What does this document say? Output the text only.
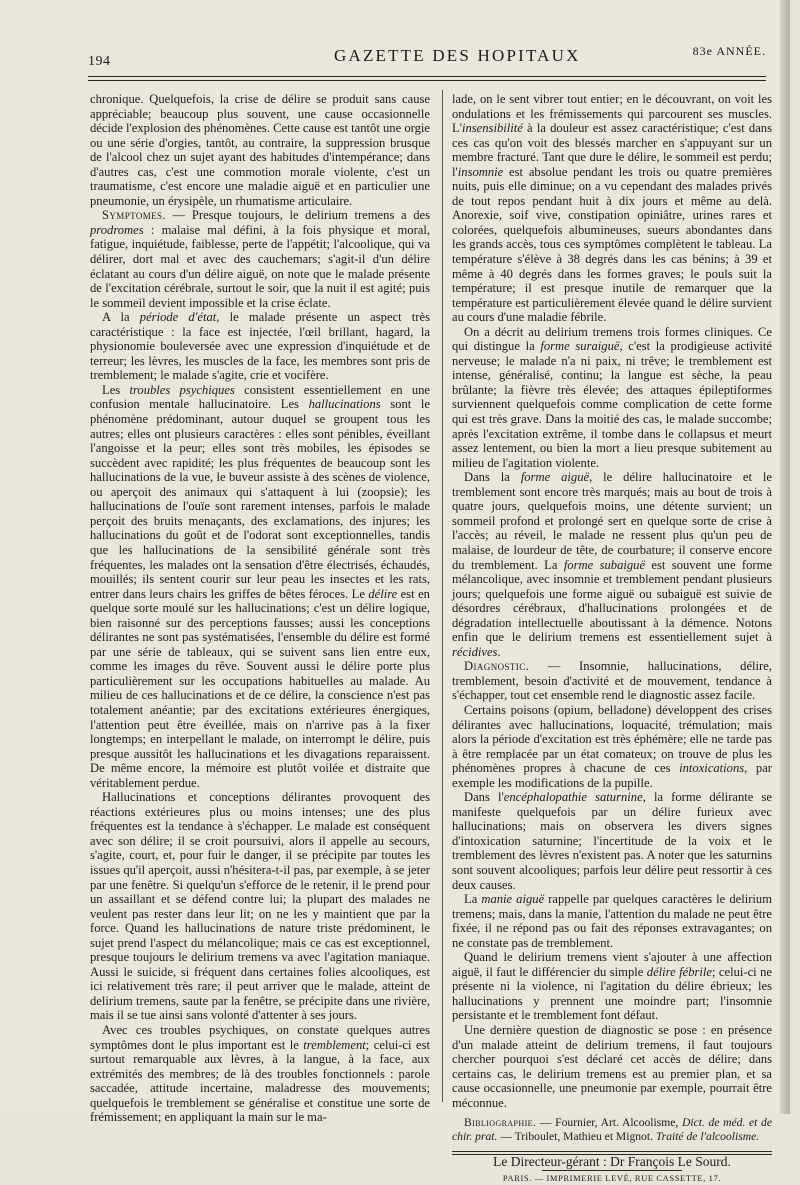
194	GAZETTE DES HOPITAUX	83e ANNÉE.

chronique. Quelquefois, la crise de délire se produit sans cause appréciable; beaucoup plus souvent, une cause occasionnelle décide l'explosion des phénomènes. Cette cause est tantôt une orgie ou une série d'orgies, tantôt, au contraire, la suppression brusque de l'alcool chez un sujet ayant des habitudes d'intempérance; dans d'autres cas, c'est une commotion morale violente, c'est un traumatisme, c'est encore une maladie aiguë et en particulier une pneumonie, un érysipèle, un rhumatisme articulaire.

Symptomes. — Presque toujours, le delirium tremens a des prodromes : malaise mal défini, à la fois physique et moral, fatigue, inquiétude, faiblesse, perte de l'appétit; l'alcoolique, qui va délirer, dort mal et avec des cauchemars; s'agit-il d'un délire éclatant au cours d'un délire aiguë, on note que le malade présente de l'excitation cérébrale, surtout le soir, que la nuit il est agité; puis le sommeil devient impossible et la crise éclate.

A la période d'état, le malade présente un aspect très caractéristique : la face est injectée, l'œil brillant, hagard, la physionomie bouleversée avec une expression d'inquiétude et de terreur; les lèvres, les muscles de la face, les membres sont pris de tremblement; le malade s'agite, crie et vocifère.

Les troubles psychiques consistent essentiellement en une confusion mentale hallucinatoire. Les hallucinations sont le phénomène prédominant, autour duquel se groupent tous les autres; elles ont plusieurs caractères : elles sont pénibles, éveillant l'angoisse et la peur; elles sont très mobiles, les épisodes se succèdent avec rapidité; les plus fréquentes de beaucoup sont les hallucinations de la vue, le buveur assiste à des scènes de violence, ou aperçoit des animaux qui s'attaquent à lui (zoopsie); les hallucinations de l'ouïe sont rarement intenses, parfois le malade perçoit des bruits menaçants, des exclamations, des injures; les hallucinations du goût et de l'odorat sont exceptionnelles, tandis que les hallucinations de la sensibilité générale sont très fréquentes, les malades ont la sensation d'être électrisés, échaudés, mouillés; ils sentent courir sur leur peau les insectes et les rats, entrer dans leurs chairs les griffes de bêtes féroces. Le délire est en quelque sorte moulé sur les hallucinations; c'est un délire logique, bien raisonné sur des perceptions fausses; aussi les conceptions délirantes ne sont pas systématisées, l'ensemble du délire est formé par une série de tableaux, qui se suivent sans lien entre eux, comme les images du rêve. Souvent aussi le délire porte plus particulièrement sur les occupations habituelles au malade. Au milieu de ces hallucinations et de ce délire, la conscience n'est pas totalement anéantie; par des excitations extérieures énergiques, l'attention peut être éveillée, mais on n'arrive pas à la fixer longtemps; en interpellant le malade, on interrompt le délire, puis presque aussitôt les hallucinations et les divagations reparaissent. De même encore, la mémoire est plutôt voilée et distraite que véritablement perdue.

Hallucinations et conceptions délirantes provoquent des réactions extérieures plus ou moins intenses; une des plus fréquentes est la tendance à s'échapper. Le malade est conséquent avec son délire; il se croit poursuivi, alors il appelle au secours, s'agite, court, et, pour fuir le danger, il se précipite par toutes les issues qu'il aperçoit, aussi n'hésitera-t-il pas, par exemple, à se jeter par une fenêtre. Si quelqu'un s'efforce de le retenir, il le prend pour un assaillant et se défend contre lui; la plupart des malades ne veulent pas rester dans leur lit; on ne les y maintient que par la force. Quand les hallucinations de nature triste prédominent, le sujet prend l'aspect du mélancolique; mais ce cas est exceptionnel, presque toujours le delirium tremens va avec l'agitation maniaque. Aussi le suicide, si fréquent dans certaines folies alcooliques, est ici relativement très rare; il peut arriver que le malade, atteint de delirium tremens, saute par la fenêtre, se précipite dans une rivière, mais il se tue ainsi sans volonté d'attenter à ses jours.

Avec ces troubles psychiques, on constate quelques autres symptômes dont le plus important est le tremblement; celui-ci est surtout remarquable aux lèvres, à la langue, à la face, aux extrémités des membres; de là des troubles fonctionnels : parole saccadée, attitude incertaine, maladresse des mouvements; quelquefois le tremblement se généralise et constitue une sorte de frémissement; en appliquant la main sur le ma-

lade, on le sent vibrer tout entier; en le découvrant, on voit les ondulations et les frémissements qui parcourent ses muscles. L'insensibilité à la douleur est assez caractéristique; c'est dans ces cas qu'on voit des blessés marcher en s'appuyant sur un membre fracturé. Tant que dure le délire, le sommeil est perdu; l'insomnie est absolue pendant les trois ou quatre premières nuits, puis elle diminue; on a vu cependant des malades privés de tout repos pendant huit à dix jours et même au delà. Anorexie, soif vive, constipation opiniâtre, urines rares et colorées, quelquefois albumineuses, sueurs abondantes dans les grands accès, tous ces symptômes complètent le tableau. La température s'élève à 38 degrés dans les cas bénins; à 39 et même à 40 degrés dans les formes graves; le pouls suit la température; il est presque inutile de remarquer que la température est particulièrement élevée quand le délire survient au cours d'une maladie fébrile.

On a décrit au delirium tremens trois formes cliniques. Ce qui distingue la forme suraiguë, c'est la prodigieuse activité nerveuse; le malade n'a ni paix, ni trêve; le tremblement est intense, généralisé, continu; la langue est sèche, la peau brûlante; la fièvre très élevée; des attaques épileptiformes surviennent quelquefois comme complication de cette forme qui est très grave. Dans la moitié des cas, le malade succombe; après l'excitation extrême, il tombe dans le collapsus et meurt assez lentement, ou bien la mort a lieu presque subitement au milieu de l'agitation violente.

Dans la forme aiguë, le délire hallucinatoire et le tremblement sont encore très marqués; mais au bout de trois à quatre jours, quelquefois moins, une détente survient; un sommeil profond et prolongé sert en quelque sorte de crise à l'accès; au réveil, le malade ne ressent plus qu'un peu de malaise, de lourdeur de tête, de courbature; il conserve encore du tremblement. La forme subaiguë est souvent une forme mélancolique, avec insomnie et tremblement pendant plusieurs jours; quelquefois une forme aiguë ou subaiguë est suivie de désordres cérébraux, d'hallucinations prolongées et de dégradation intellectuelle aboutissant à la démence. Notons enfin que le delirium tremens est essentiellement sujet à récidives.

Diagnostic. — Insomnie, hallucinations, délire, tremblement, besoin d'activité et de mouvement, tendance à s'échapper, tout cet ensemble rend le diagnostic assez facile.

Certains poisons (opium, belladone) développent des crises délirantes avec hallucinations, loquacité, trémulation; mais alors la période d'excitation est très éphémère; elle ne tarde pas à être remplacée par un état comateux; on trouve de plus les phénomènes propres à chacune de ces intoxications, par exemple les modifications de la pupille.

Dans l'encéphalopathie saturnine, la forme délirante se manifeste quelquefois par un délire furieux avec hallucinations; mais on observera les divers signes d'intoxication saturnine; l'incertitude de la voix et le tremblement des lèvres n'existent pas. A noter que les saturnins sont souvent alcooliques; parfois leur délire peut ressortir à ces deux causes.

La manie aiguë rappelle par quelques caractères le delirium tremens; mais, dans la manie, l'attention du malade ne peut être fixée, il ne répond pas ou fait des réponses extravagantes; on ne constate pas de tremblement.

Quand le delirium tremens vient s'ajouter à une affection aiguë, il faut le différencier du simple délire fébrile; celui-ci ne présente ni la violence, ni l'agitation du délire ébrieux; les hallucinations y prennent une moindre part; l'insomnie persistante et le tremblement font défaut.

Une dernière question de diagnostic se pose : en présence d'un malade atteint de delirium tremens, il faut toujours chercher pourquoi s'est déclaré cet accès de délire; dans certains cas, le delirium tremens est au premier plan, et sa cause occasionnelle, une pneumonie par exemple, pourrait être méconnue.

Bibliographie. — Fournier, Art. Alcoolisme, Dict. de méd. et de chir. prat. — Triboulet, Mathieu et Mignot. Traité de l'alcoolisme.

Le Directeur-gérant : Dr François Le Sourd.

PARIS. — IMPRIMERIE LEVÉ, RUE CASSETTE, 17.
